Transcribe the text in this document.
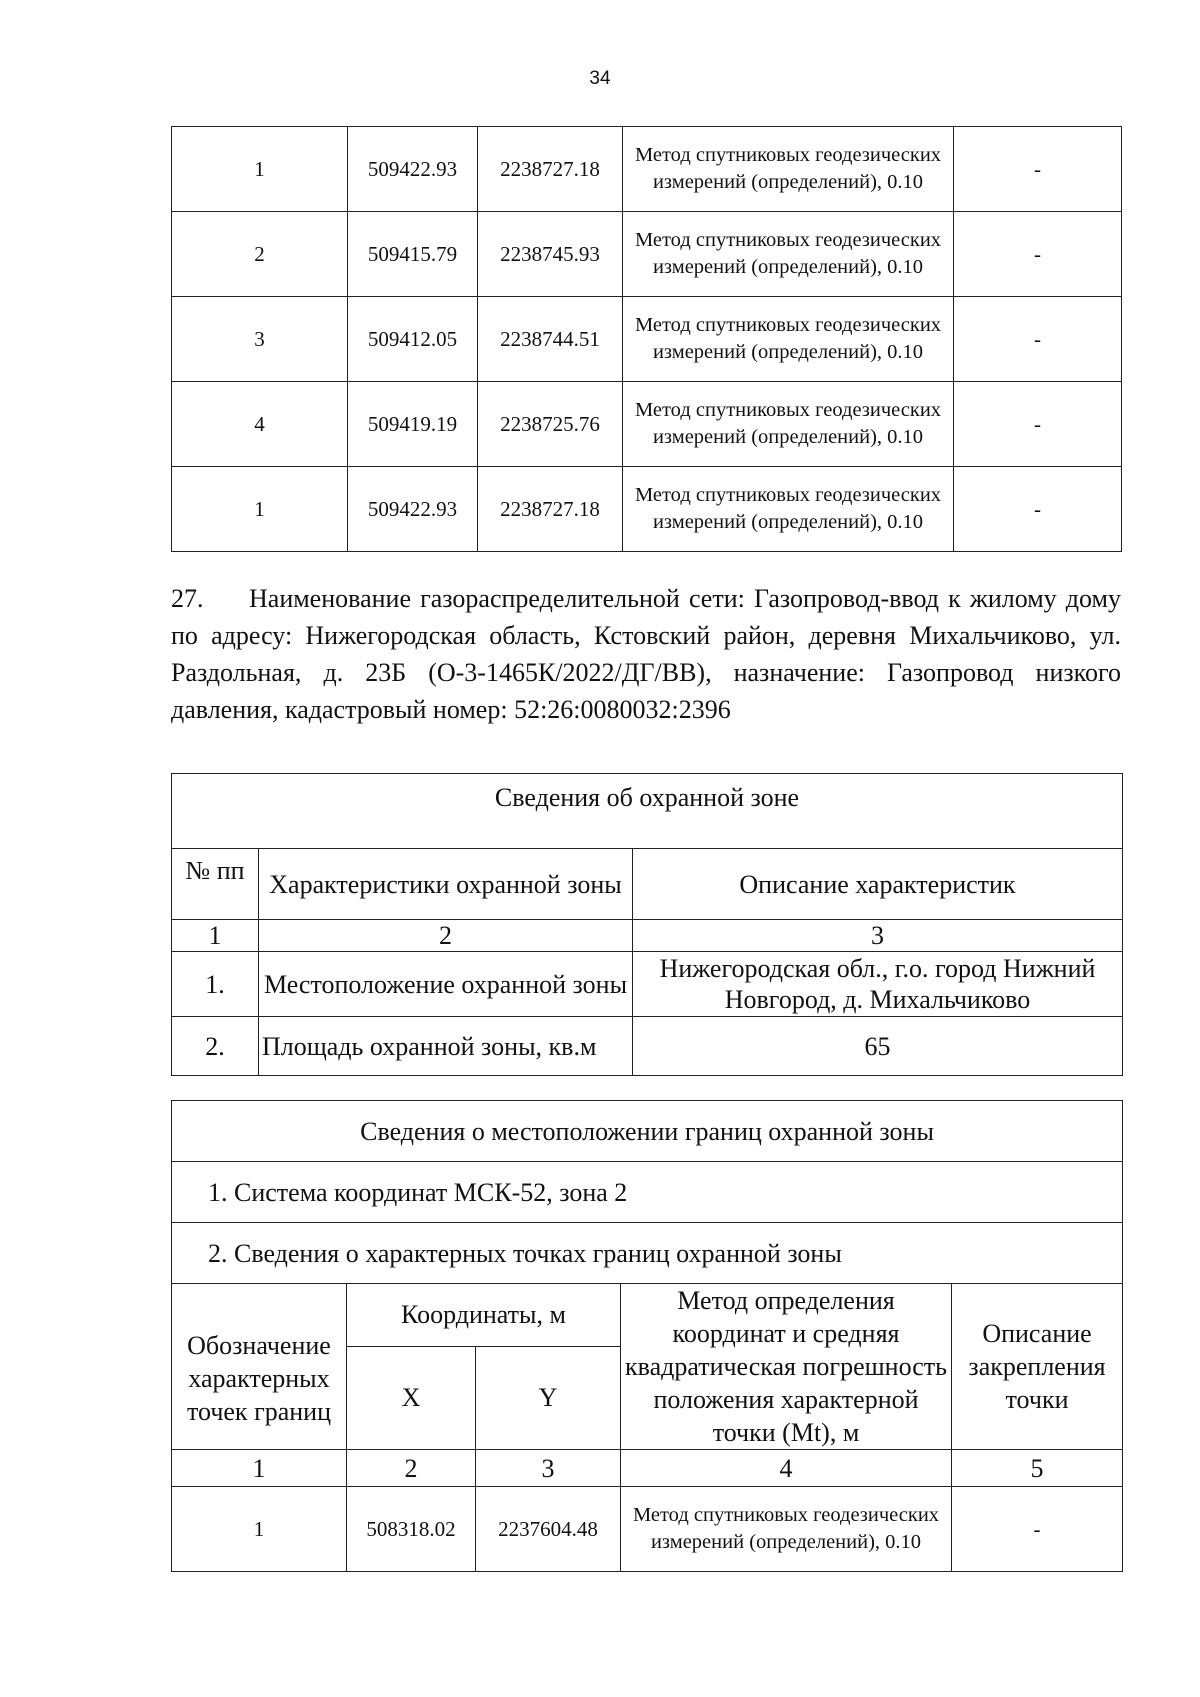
34
1	509422.93	2238727.18	Метод спутниковых геодезических измерений (определений), 0.10	-
2	509415.79	2238745.93	Метод спутниковых геодезических измерений (определений), 0.10	-
3	509412.05	2238744.51	Метод спутниковых геодезических измерений (определений), 0.10	-
4	509419.19	2238725.76	Метод спутниковых геодезических измерений (определений), 0.10	-
1	509422.93	2238727.18	Метод спутниковых геодезических измерений (определений), 0.10	-

27. Наименование газораспределительной сети: Газопровод-ввод к жилому дому по адресу: Нижегородская область, Кстовский район, деревня Михальчиково, ул. Раздольная, д. 23Б (О-3-1465К/2022/ДГ/ВВ), назначение: Газопровод низкого давления, кадастровый номер: 52:26:0080032:2396

Сведения об охранной зоне		
№ пп	Характеристики охранной зоны	Описание характеристик
1	2	3
1.	Местоположение охранной зоны	Нижегородская обл., г.о. город Нижний Новгород, д. Михальчиково
2.	Площадь охранной зоны, кв.м	65
Сведения о местоположении границ охранной зоны				
1. Система координат МСК-52, зона 2				
2. Сведения о характерных точках границ охранной зоны				
Обозначение характерных точек границ	Координаты, м		Метод определения координат и средняя квадратическая погрешность положения характерной точки (Mt), м	Описание закрепления точки
	X	Y		
1	2	3	4	5
1	508318.02	2237604.48	Метод спутниковых геодезических измерений (определений), 0.10	-
